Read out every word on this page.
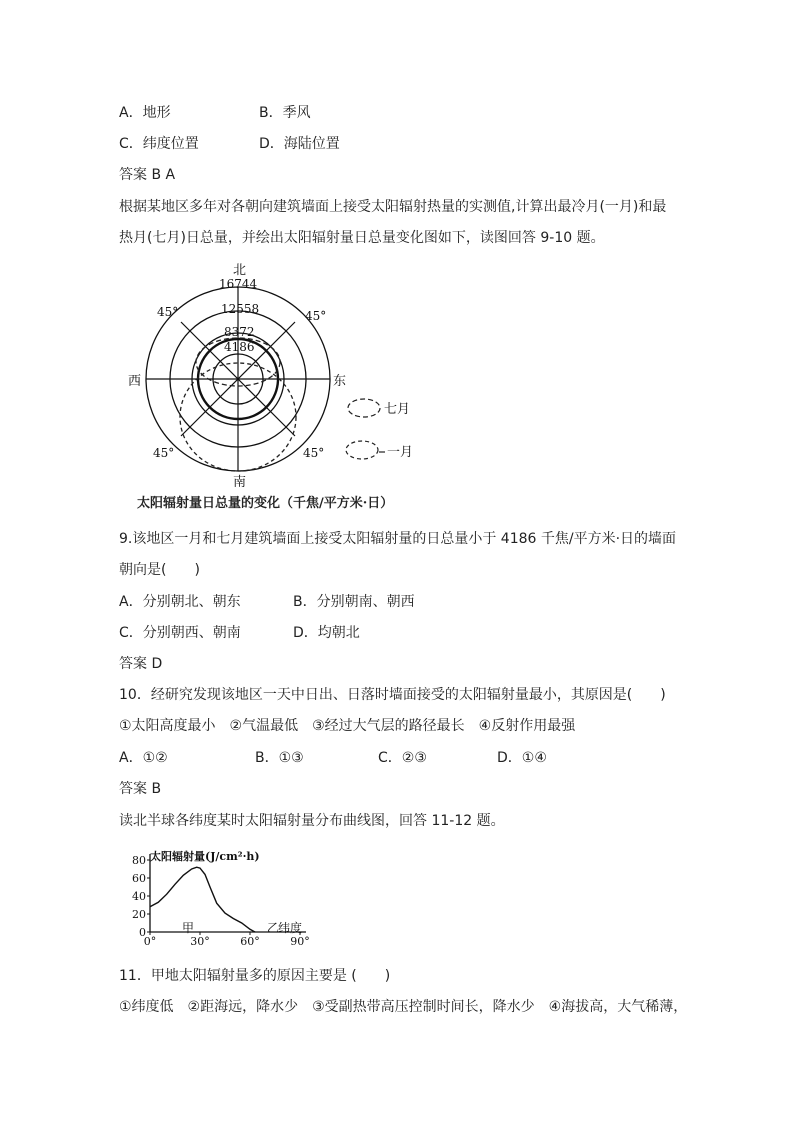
A．地形	B．季风
C．纬度位置	D．海陆位置
答案 B A
根据某地区多年对各朝向建筑墙面上接受太阳辐射热量的实测值,计算出最冷月(一月)和最
热月(七月)日总量，并绘出太阳辐射量日总量变化图如下，读图回答 9-10 题。
北
16744
12558
8372
4186
南
西	东
45°	45°
45°	45°
七月
一月
太阳辐射量日总量的变化（千焦/平方米·日）
9.该地区一月和七月建筑墙面上接受太阳辐射量的日总量小于 4186 千焦/平方米·日的墙面
朝向是(　　)
A．分别朝北、朝东	B．分别朝南、朝西
C．分别朝西、朝南	D．均朝北
答案 D
10．经研究发现该地区一天中日出、日落时墙面接受的太阳辐射量最小，其原因是(　　)
①太阳高度最小　②气温最低　③经过大气层的路径最长　④反射作用最强
A．①②	B．①③	C．②③	D．①④
答案 B
读北半球各纬度某时太阳辐射量分布曲线图，回答 11-12 题。
0
20
40
60
80
0°	30°	60°	90°
太阳辐射量(J/cm²·h)
甲	乙
纬度
11．甲地太阳辐射量多的原因主要是 (　　)
①纬度低　②距海远，降水少　③受副热带高压控制时间长，降水少　④海拔高，大气稀薄，
